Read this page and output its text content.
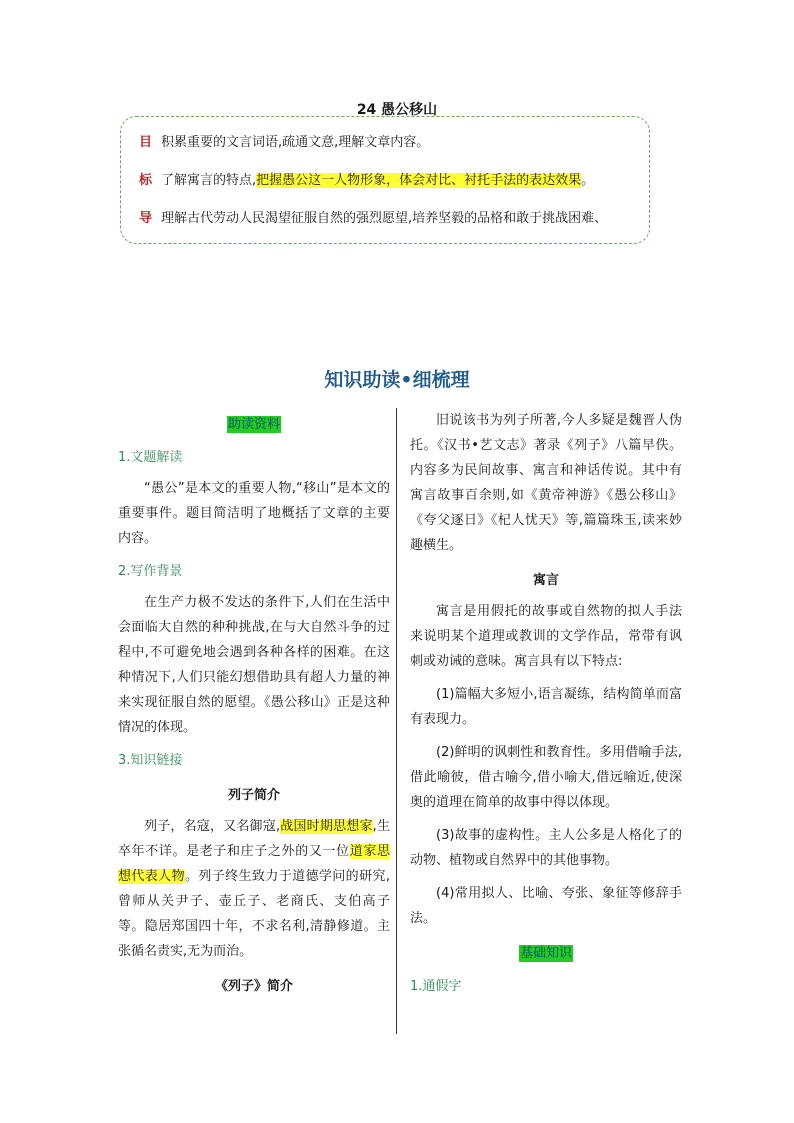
24 愚公移山
目 积累重要的文言词语,疏通文意,理解文章内容。
标 了解寓言的特点,把握愚公这一人物形象，体会对比、衬托手法的表达效果。
导 理解古代劳动人民渴望征服自然的强烈愿望,培养坚毅的品格和敢于挑战困难、
知识助读•细梳理
助读资料
1.文题解读

“愚公”是本文的重要人物,“移山”是本文的重要事件。题目简洁明了地概括了文章的主要内容。

2.写作背景

在生产力极不发达的条件下,人们在生活中会面临大自然的种种挑战,在与大自然斗争的过程中,不可避免地会遇到各种各样的困难。在这种情况下,人们只能幻想借助具有超人力量的神来实现征服自然的愿望。《愚公移山》正是这种情况的体现。

3.知识链接
列子简介

列子，名寇，又名御寇,战国时期思想家,生卒年不详。是老子和庄子之外的又一位道家思想代表人物。列子终生致力于道德学问的研究,曾师从关尹子、壶丘子、老商氏、支伯高子等。隐居郑国四十年，不求名利,清静修道。主张循名责实,无为而治。

《列子》简介

旧说该书为列子所著,今人多疑是魏晋人伪托。《汉书•艺文志》著录《列子》八篇早佚。内容多为民间故事、寓言和神话传说。其中有寓言故事百余则,如《黄帝神游》《愚公移山》《夸父逐日》《杞人忧天》等,篇篇珠玉,读来妙趣横生。

寓言

寓言是用假托的故事或自然物的拟人手法来说明某个道理或教训的文学作品，常带有讽刺或劝诫的意味。寓言具有以下特点:

(1)篇幅大多短小,语言凝练，结构简单而富有表现力。

(2)鲜明的讽刺性和教育性。多用借喻手法,借此喻彼，借古喻今,借小喻大,借远喻近,使深奥的道理在简单的故事中得以体现。

(3)故事的虚构性。主人公多是人格化了的动物、植物或自然界中的其他事物。

(4)常用拟人、比喻、夸张、象征等修辞手法。

基础知识
1.通假字
